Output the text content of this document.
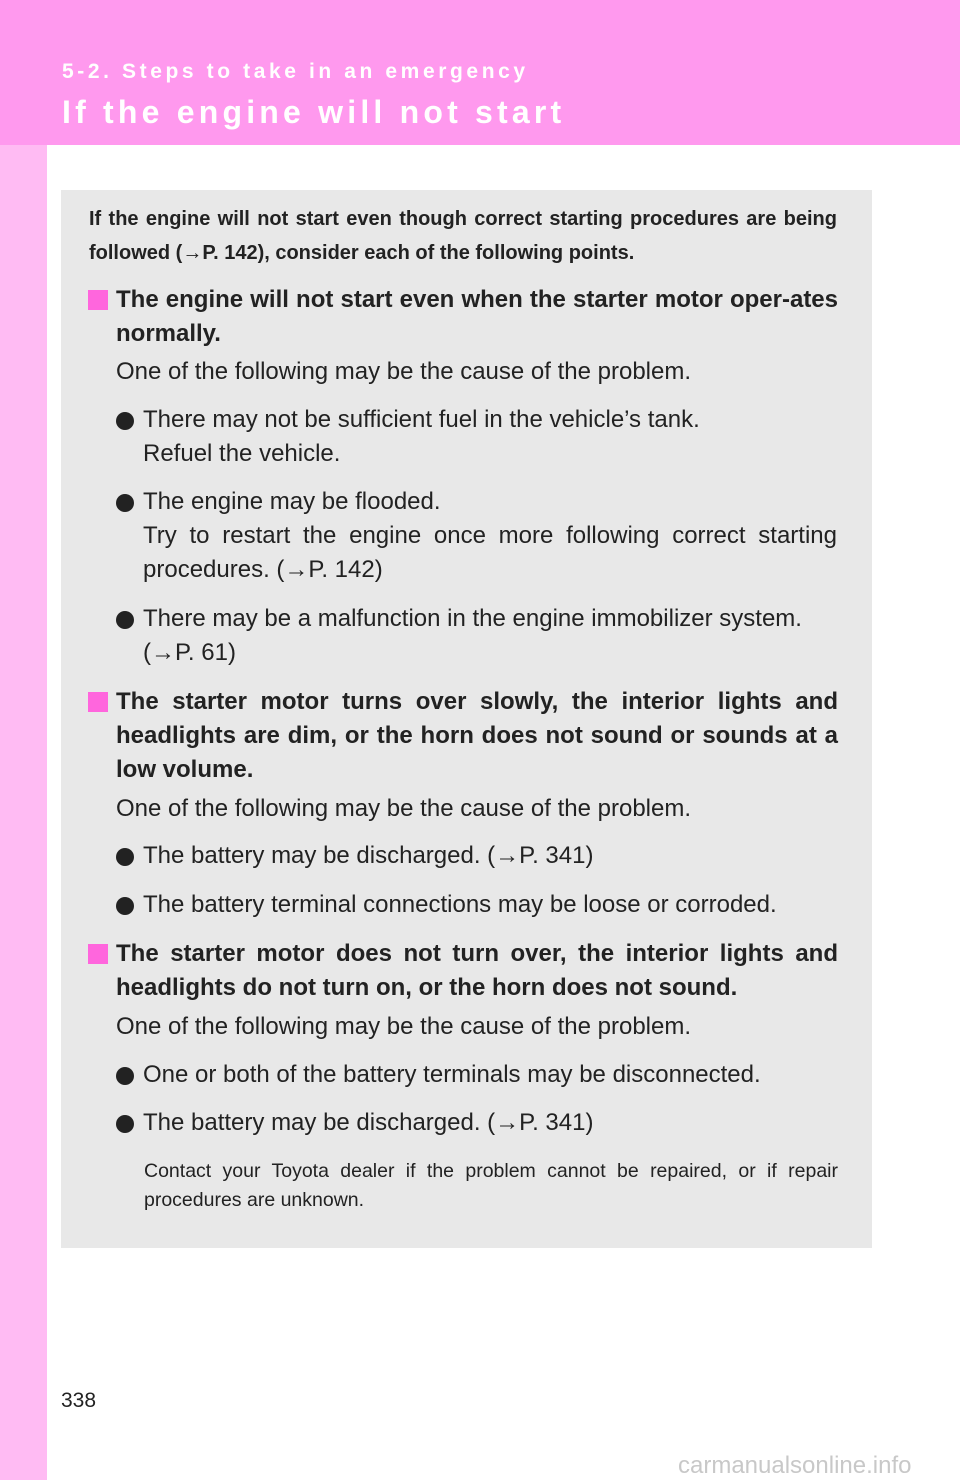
5-2. Steps to take in an emergency
If the engine will not start
If the engine will not start even though correct starting procedures are being followed (→P. 142), consider each of the following points.
The engine will not start even when the starter motor oper-ates normally.
One of the following may be the cause of the problem.
There may not be sufficient fuel in the vehicle’s tank.
Refuel the vehicle.
The engine may be flooded.
Try to restart the engine once more following correct starting procedures. (→P. 142)
There may be a malfunction in the engine immobilizer system. (→P. 61)
The starter motor turns over slowly, the interior lights and headlights are dim, or the horn does not sound or sounds at a low volume.
One of the following may be the cause of the problem.
The battery may be discharged. (→P. 341)
The battery terminal connections may be loose or corroded.
The starter motor does not turn over, the interior lights and headlights do not turn on, or the horn does not sound.
One of the following may be the cause of the problem.
One or both of the battery terminals may be disconnected.
The battery may be discharged. (→P. 341)
Contact your Toyota dealer if the problem cannot be repaired, or if repair procedures are unknown.
338
carmanualsonline.info
